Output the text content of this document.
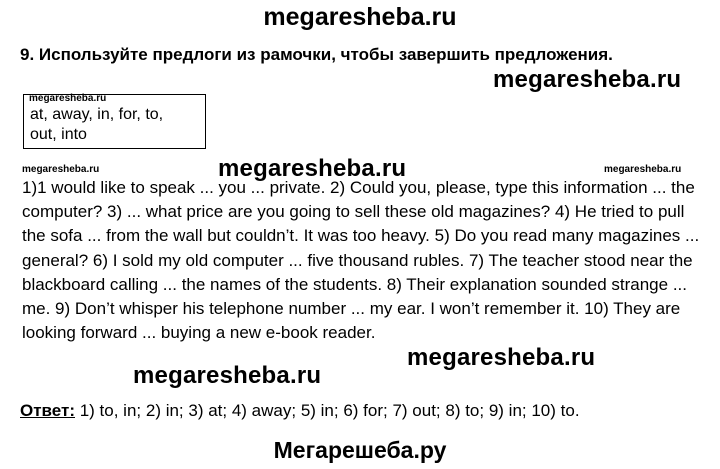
megaresheba.ru
9. Используйте предлоги из рамочки, чтобы завершить предложения.
megaresheba.ru
megaresheba.ru
at, away, in, for, to,
out, into
megaresheba.ru	megaresheba.ru	megaresheba.ru
1)1 would like to speak ... you ... private. 2) Could you, please, type this information ... the computer? 3) ... what price are you going to sell these old magazines? 4) He tried to pull the sofa ... from the wall but couldn’t. It was too heavy. 5) Do you read many magazines ... general? 6) I sold my old computer ... five thousand rubles. 7) The teacher stood near the blackboard calling ... the names of the students. 8) Their explanation sounded strange ... me. 9) Don’t whisper his telephone number ... my ear. I won’t remember it. 10) They are looking forward ... buying a new e-book reader.
megaresheba.ru
megaresheba.ru
Ответ: 1) to, in; 2) in; 3) at; 4) away; 5) in; 6) for; 7) out; 8) to; 9) in; 10) to.
Мегарешеба.ру
